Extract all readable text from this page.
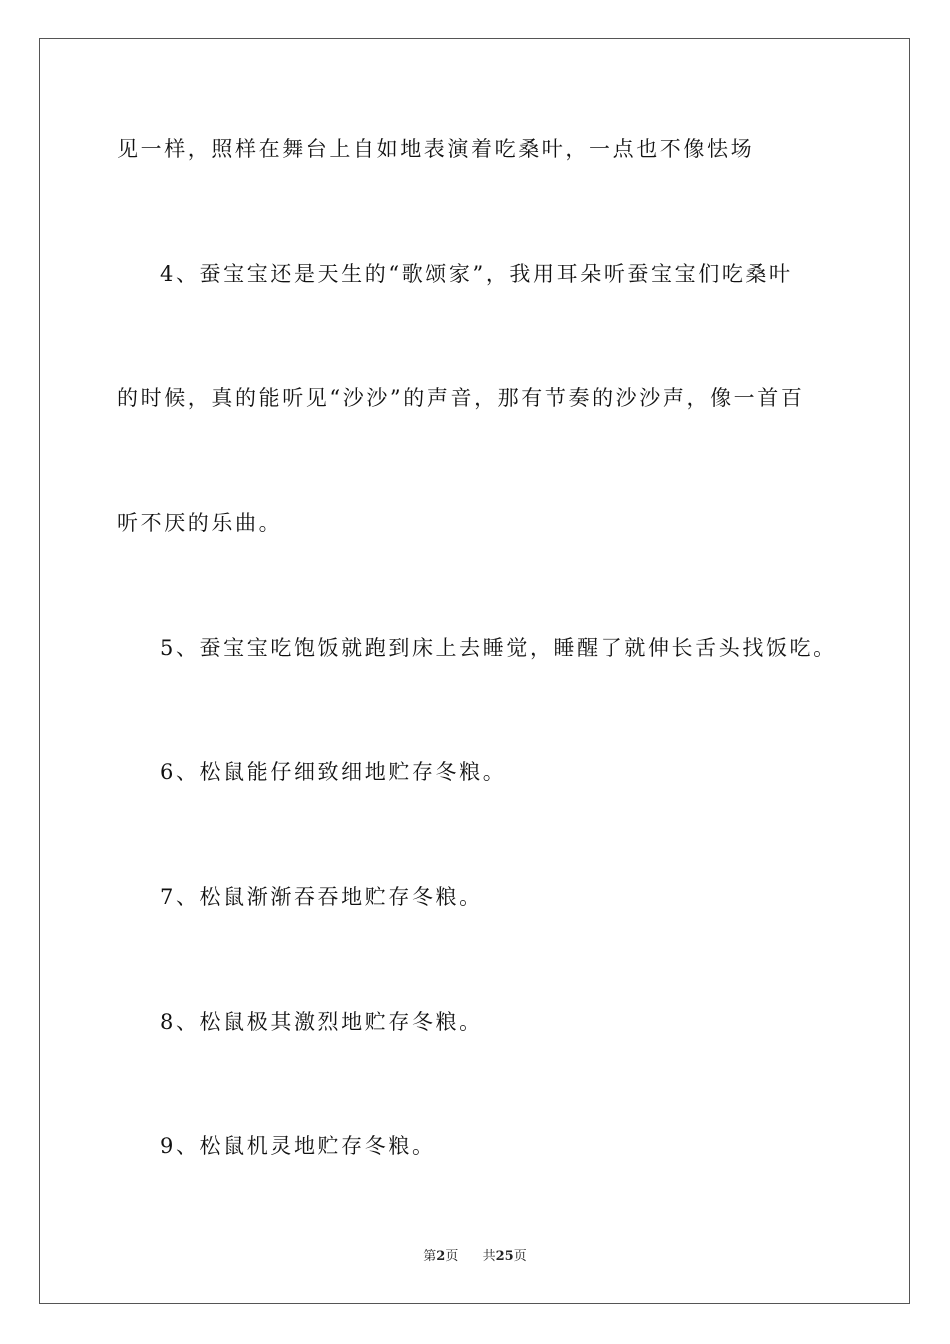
见一样，照样在舞台上自如地表演着吃桑叶，一点也不像怯场

4、蚕宝宝还是天生的“歌颂家”，我用耳朵听蚕宝宝们吃桑叶

的时候，真的能听见“沙沙”的声音，那有节奏的沙沙声，像一首百

听不厌的乐曲。

5、蚕宝宝吃饱饭就跑到床上去睡觉，睡醒了就伸长舌头找饭吃。

6、松鼠能仔细致细地贮存冬粮。

7、松鼠渐渐吞吞地贮存冬粮。

8、松鼠极其激烈地贮存冬粮。

9、松鼠机灵地贮存冬粮。

第2页 共25页
